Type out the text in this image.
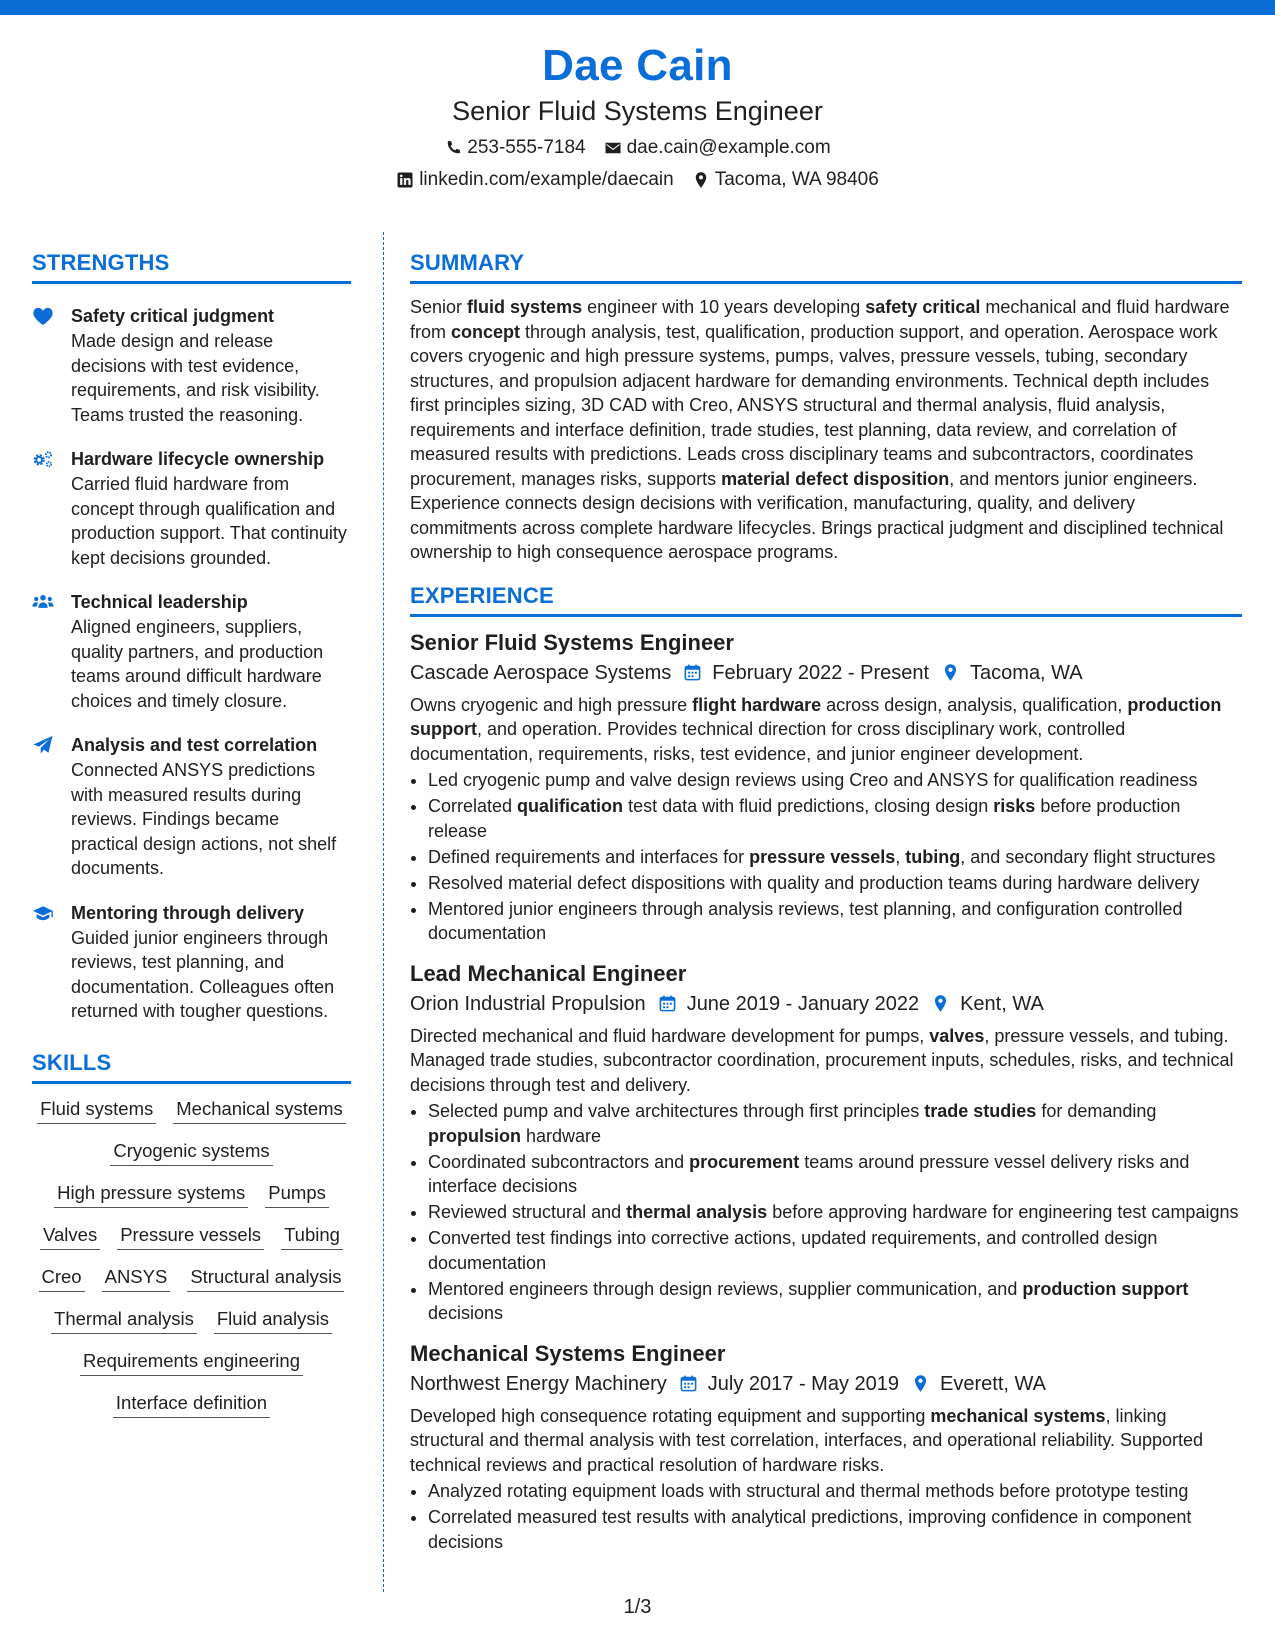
Dae Cain
Senior Fluid Systems Engineer
253-555-7184 dae.cain@example.com
linkedin.com/example/daecain Tacoma, WA 98406
STRENGTHS
Safety critical judgment
Made design and release decisions with test evidence, requirements, and risk visibility. Teams trusted the reasoning.
Hardware lifecycle ownership
Carried fluid hardware from concept through qualification and production support. That continuity kept decisions grounded.
Technical leadership
Aligned engineers, suppliers, quality partners, and production teams around difficult hardware choices and timely closure.
Analysis and test correlation
Connected ANSYS predictions with measured results during reviews. Findings became practical design actions, not shelf documents.
Mentoring through delivery
Guided junior engineers through reviews, test planning, and documentation. Colleagues often returned with tougher questions.
SKILLS
Fluid systems Mechanical systems
Cryogenic systems
High pressure systems Pumps
Valves Pressure vessels Tubing
Creo ANSYS Structural analysis
Thermal analysis Fluid analysis
Requirements engineering
Interface definition
SUMMARY
Senior fluid systems engineer with 10 years developing safety critical mechanical and fluid hardware from concept through analysis, test, qualification, production support, and operation. Aerospace work covers cryogenic and high pressure systems, pumps, valves, pressure vessels, tubing, secondary structures, and propulsion adjacent hardware for demanding environments. Technical depth includes first principles sizing, 3D CAD with Creo, ANSYS structural and thermal analysis, fluid analysis, requirements and interface definition, trade studies, test planning, data review, and correlation of measured results with predictions. Leads cross disciplinary teams and subcontractors, coordinates procurement, manages risks, supports material defect disposition, and mentors junior engineers. Experience connects design decisions with verification, manufacturing, quality, and delivery commitments across complete hardware lifecycles. Brings practical judgment and disciplined technical ownership to high consequence aerospace programs.
EXPERIENCE
Senior Fluid Systems Engineer
Cascade Aerospace Systems February 2022 - Present Tacoma, WA
Owns cryogenic and high pressure flight hardware across design, analysis, qualification, production support, and operation. Provides technical direction for cross disciplinary work, controlled documentation, requirements, risks, test evidence, and junior engineer development.
• Led cryogenic pump and valve design reviews using Creo and ANSYS for qualification readiness
• Correlated qualification test data with fluid predictions, closing design risks before production release
• Defined requirements and interfaces for pressure vessels, tubing, and secondary flight structures
• Resolved material defect dispositions with quality and production teams during hardware delivery
• Mentored junior engineers through analysis reviews, test planning, and configuration controlled documentation
Lead Mechanical Engineer
Orion Industrial Propulsion June 2019 - January 2022 Kent, WA
Directed mechanical and fluid hardware development for pumps, valves, pressure vessels, and tubing. Managed trade studies, subcontractor coordination, procurement inputs, schedules, risks, and technical decisions through test and delivery.
• Selected pump and valve architectures through first principles trade studies for demanding propulsion hardware
• Coordinated subcontractors and procurement teams around pressure vessel delivery risks and interface decisions
• Reviewed structural and thermal analysis before approving hardware for engineering test campaigns
• Converted test findings into corrective actions, updated requirements, and controlled design documentation
• Mentored engineers through design reviews, supplier communication, and production support decisions
Mechanical Systems Engineer
Northwest Energy Machinery July 2017 - May 2019 Everett, WA
Developed high consequence rotating equipment and supporting mechanical systems, linking structural and thermal analysis with test correlation, interfaces, and operational reliability. Supported technical reviews and practical resolution of hardware risks.
• Analyzed rotating equipment loads with structural and thermal methods before prototype testing
• Correlated measured test results with analytical predictions, improving confidence in component decisions
1/3
